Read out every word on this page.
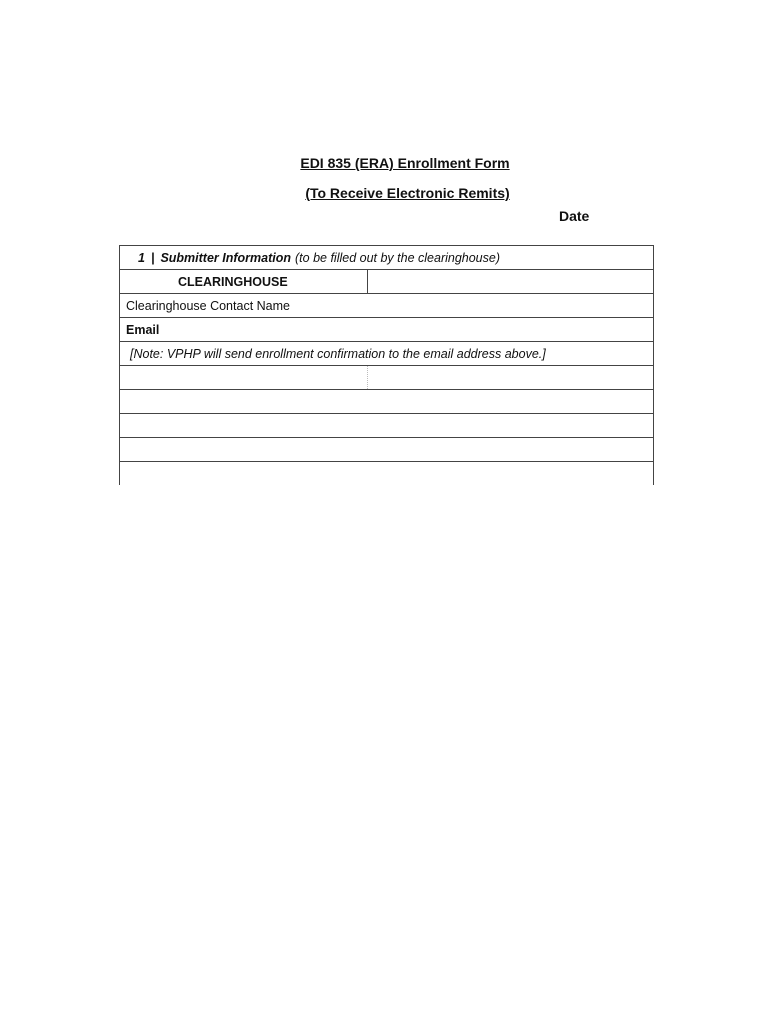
EDI 835 (ERA) Enrollment Form
(To Receive Electronic Remits)
Date
1 | Submitter Information (to be filled out by the clearinghouse)
CLEARINGHOUSE
Clearinghouse Contact Name
Email
[Note: VPHP will send enrollment confirmation to the email address above.]
